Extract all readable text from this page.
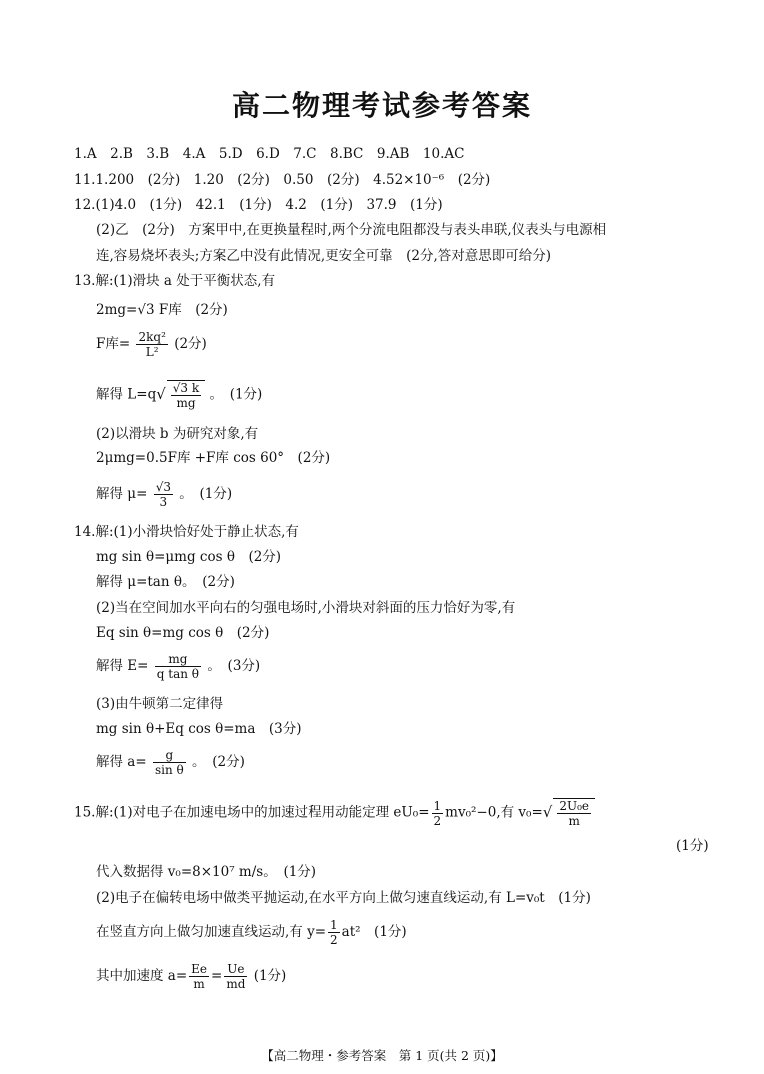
高二物理考试参考答案
1.A　2.B　3.B　4.A　5.D　6.D　7.C　8.BC　9.AB　10.AC
11.1.200　(2分)　1.20　(2分)　0.50　(2分)　4.52×10⁻⁶　(2分)
12.(1)4.0　(1分)　42.1　(1分)　4.2　(1分)　37.9　(1分)
(2)乙　(2分)　方案甲中,在更换量程时,两个分流电阻都没与表头串联,仪表头与电源相
连,容易烧坏表头;方案乙中没有此情况,更安全可靠　(2分,答对意思即可给分)
13.解:(1)滑块 a 处于平衡状态,有
2mg=√3 F库　(2分)
F库= $\frac{\text{2kq²}}{\text{L²}} (2$分)
解得 $L=q√ \frac{√3 k}{mg}$ 。　(1分)
(2)以滑块 b 为研究对象,有
2μmg=0.5F库 +F库 cos 60°　(2分)
解得 $\mu= \frac{√3}{3}$ 。　(1分)
14.解:(1)小滑块恰好处于静止状态,有
mg sin θ=μmg cos θ　(2分)
解得 μ=tan θ。　(2分)
(2)当在空间加水平向右的匀强电场时,小滑块对斜面的压力恰好为零,有
Eq sin θ=mg cos θ　(2分)
解得 $E= \frac{mg}{\text{q tan θ}}$ 。　(3分)
(3)由牛顿第二定律得
mg sin θ+Eq cos θ=ma　(3分)
解得 $a= \frac{g}{\text{sin θ}}$ 。　(2分)
15.解:(1)对电子在加速电场中的加速过程用动能定理 $eU_0= \frac{1}{2} mv_0^2-0$,有 $v_0=√ \frac{\text{2U₀e}}{m}$
(1分)
代入数据得 v₀=8×10⁷ m/s。　(1分)
(2)电子在偏转电场中做类平抛运动,在水平方向上做匀速直线运动,有 L=v₀t　(1分)
在竖直方向上做匀加速直线运动,有 $y= \frac{1}{2} at^2$　(1分)
其中加速度 $a= \frac{Ee}{m} = \frac{Ue}{md} (1$分)
【高二物理・参考答案　第 1 页(共 2 页)】
